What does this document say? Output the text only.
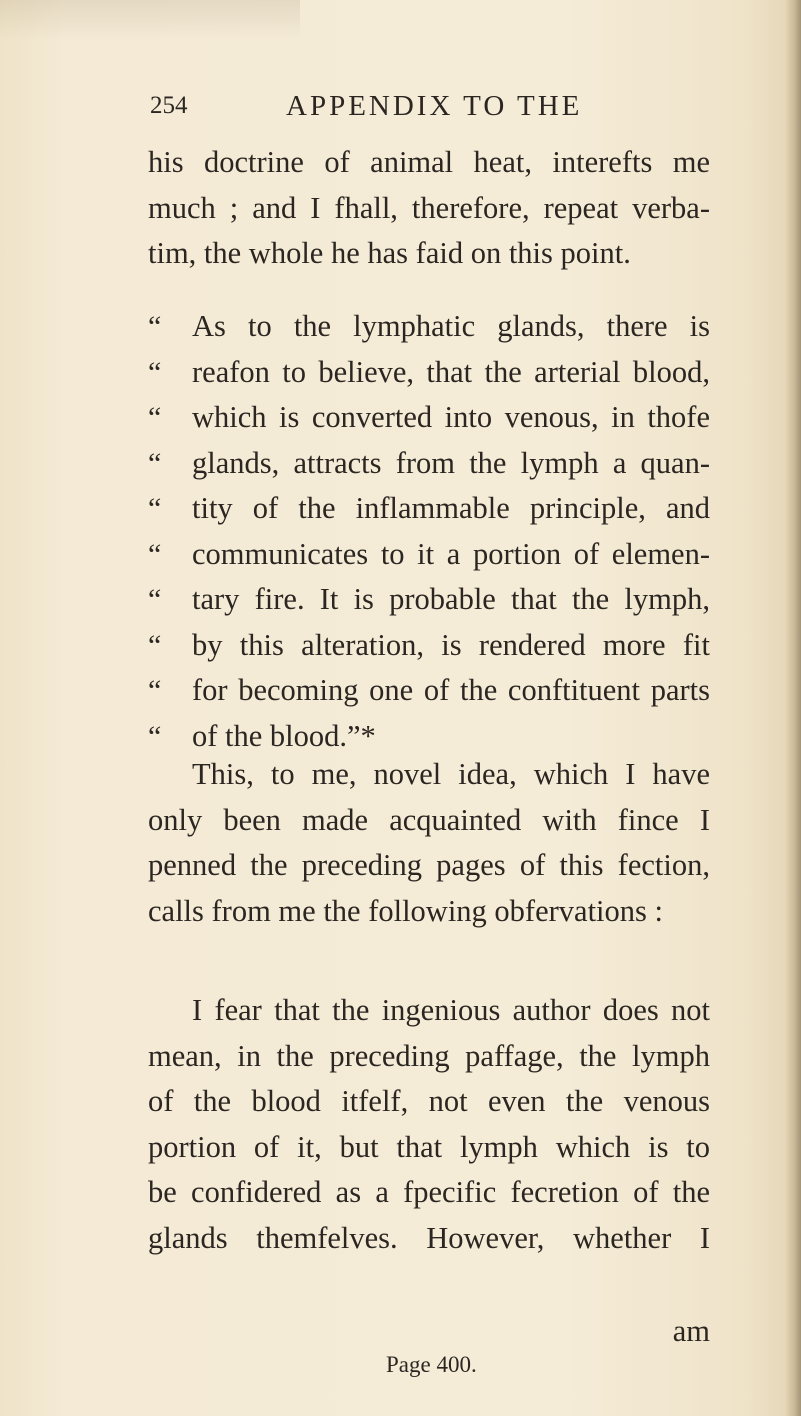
254	APPENDIX TO THE
his doctrine of animal heat, interefts me
much ; and I fhall, therefore, repeat verba-
tim, the whole he has faid on this point.
“ As to the lymphatic glands, there is
“ reafon to believe, that the arterial blood,
“ which is converted into venous, in thofe
“ glands, attracts from the lymph a quan-
“ tity of the inflammable principle, and
“ communicates to it a portion of elemen-
“ tary fire. It is probable that the lymph,
“ by this alteration, is rendered more fit
“ for becoming one of the conftituent parts
“ of the blood.”*
This, to me, novel idea, which I have
only been made acquainted with fince I
penned the preceding pages of this fection,
calls from me the following obfervations :
I fear that the ingenious author does not
mean, in the preceding paffage, the lymph
of the blood itfelf, not even the venous
portion of it, but that lymph which is to
be confidered as a fpecific fecretion of the
glands themfelves. However, whether I
am
Page 400.
